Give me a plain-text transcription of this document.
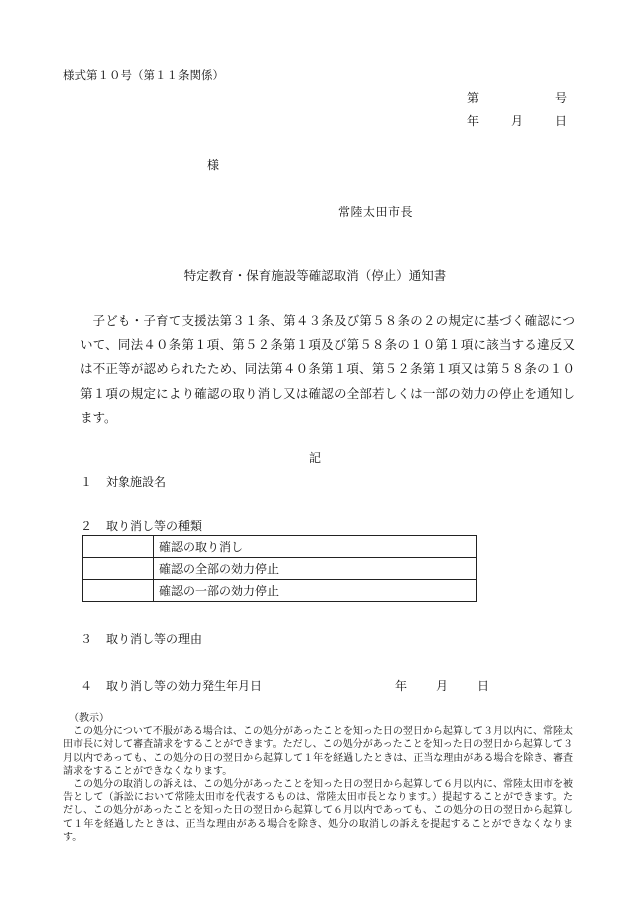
様式第１０号（第１１条関係）
第	号
年	月	日
様
常陸太田市長
特定教育・保育施設等確認取消（停止）通知書
子ども・子育て支援法第３１条、第４３条及び第５８条の２の規定に基づく確認について、同法４０条第１項、第５２条第１項及び第５８条の１０第１項に該当する違反又は不正等が認められたため、同法第４０条第１項、第５２条第１項又は第５８条の１０第１項の規定により確認の取り消し又は確認の全部若しくは一部の効力の停止を通知します。
記
１ 対象施設名
２ 取り消し等の種類
	確認の取り消し
	確認の全部の効力停止
	確認の一部の効力停止
３ 取り消し等の理由
４ 取り消し等の効力発生年月日	年 月 日
（教示）

この処分について不服がある場合は、この処分があったことを知った日の翌日から起算して３月以内に、常陸太田市長に対して審査請求をすることができます。ただし、この処分があったことを知った日の翌日から起算して３月以内であっても、この処分の日の翌日から起算して１年を経過したときは、正当な理由がある場合を除き、審査請求をすることができなくなります。

この処分の取消しの訴えは、この処分があったことを知った日の翌日から起算して６月以内に、常陸太田市を被告として（訴訟において常陸太田市を代表するものは、常陸太田市長となります。）提起することができます。ただし、この処分があったことを知った日の翌日から起算して６月以内であっても、この処分の日の翌日から起算して１年を経過したときは、正当な理由がある場合を除き、処分の取消しの訴えを提起することができなくなります。
